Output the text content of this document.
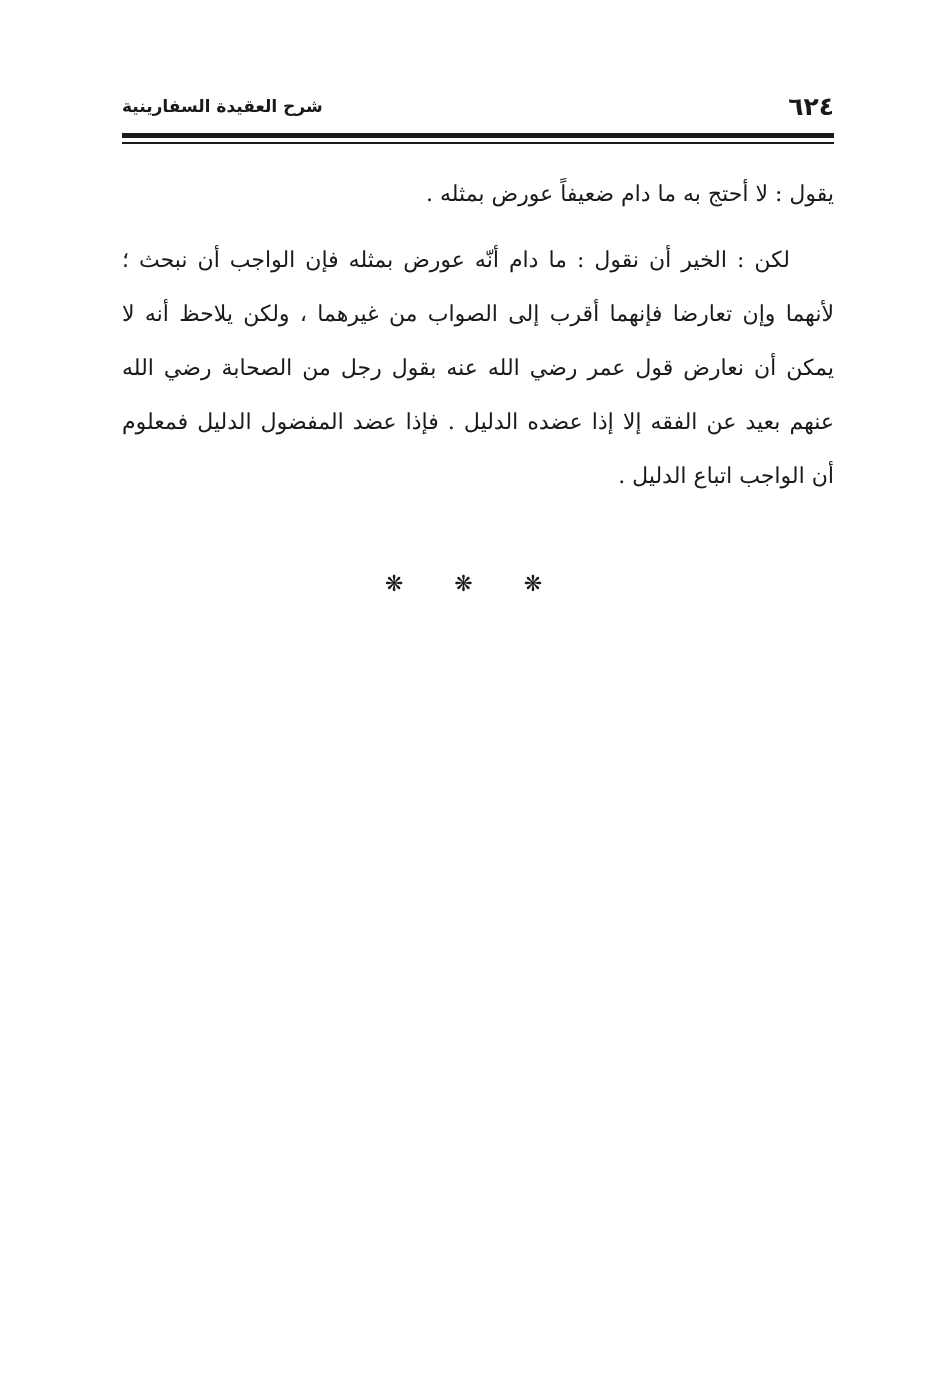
٦٢٤
شرح العقيدة السفارينية

يقول : لا أحتج به ما دام ضعيفاً عورض بمثله .

لكن : الخير أن نقول : ما دام أنّه عورض بمثله فإن الواجب أن نبحث ؛ لأنهما وإن تعارضا فإنهما أقرب إلى الصواب من غيرهما ، ولكن يلاحظ أنه لا يمكن أن نعارض قول عمر رضي الله عنه بقول رجل من الصحابة رضي الله عنهم بعيد عن الفقه إلا إذا عضده الدليل . فإذا عضد المفضول الدليل فمعلوم أن الواجب اتباع الدليل .

❋ ❋ ❋
